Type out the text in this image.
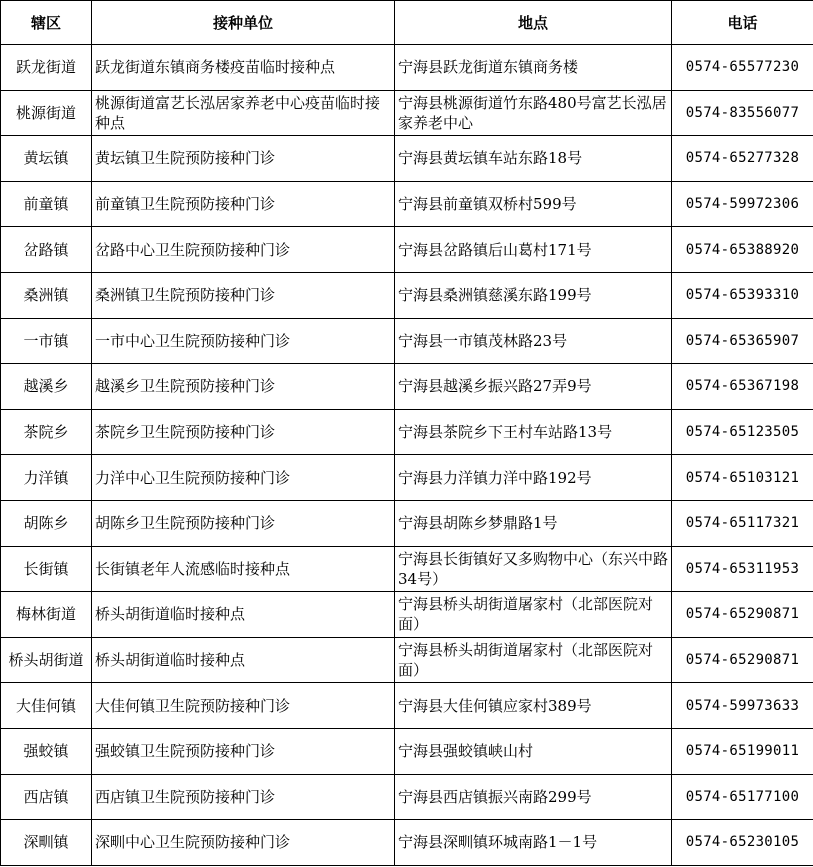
辖区	接种单位	地点	电话
跃龙街道	跃龙街道东镇商务楼疫苗临时接种点	宁海县跃龙街道东镇商务楼	0574-65577230
桃源街道	桃源街道富艺长泓居家养老中心疫苗临时接种点	宁海县桃源街道竹东路480号富艺长泓居家养老中心	0574-83556077
黄坛镇	黄坛镇卫生院预防接种门诊	宁海县黄坛镇车站东路18号	0574-65277328
前童镇	前童镇卫生院预防接种门诊	宁海县前童镇双桥村599号	0574-59972306
岔路镇	岔路中心卫生院预防接种门诊	宁海县岔路镇后山葛村171号	0574-65388920
桑洲镇	桑洲镇卫生院预防接种门诊	宁海县桑洲镇慈溪东路199号	0574-65393310
一市镇	一市中心卫生院预防接种门诊	宁海县一市镇茂林路23号	0574-65365907
越溪乡	越溪乡卫生院预防接种门诊	宁海县越溪乡振兴路27弄9号	0574-65367198
茶院乡	茶院乡卫生院预防接种门诊	宁海县茶院乡下王村车站路13号	0574-65123505
力洋镇	力洋中心卫生院预防接种门诊	宁海县力洋镇力洋中路192号	0574-65103121
胡陈乡	胡陈乡卫生院预防接种门诊	宁海县胡陈乡梦鼎路1号	0574-65117321
长街镇	长街镇老年人流感临时接种点	宁海县长街镇好又多购物中心（东兴中路34号）	0574-65311953
梅林街道	桥头胡街道临时接种点	宁海县桥头胡街道屠家村（北部医院对面）	0574-65290871
桥头胡街道	桥头胡街道临时接种点	宁海县桥头胡街道屠家村（北部医院对面）	0574-65290871
大佳何镇	大佳何镇卫生院预防接种门诊	宁海县大佳何镇应家村389号	0574-59973633
强蛟镇	强蛟镇卫生院预防接种门诊	宁海县强蛟镇峡山村	0574-65199011
西店镇	西店镇卫生院预防接种门诊	宁海县西店镇振兴南路299号	0574-65177100
深甽镇	深甽中心卫生院预防接种门诊	宁海县深甽镇环城南路1－1号	0574-65230105
